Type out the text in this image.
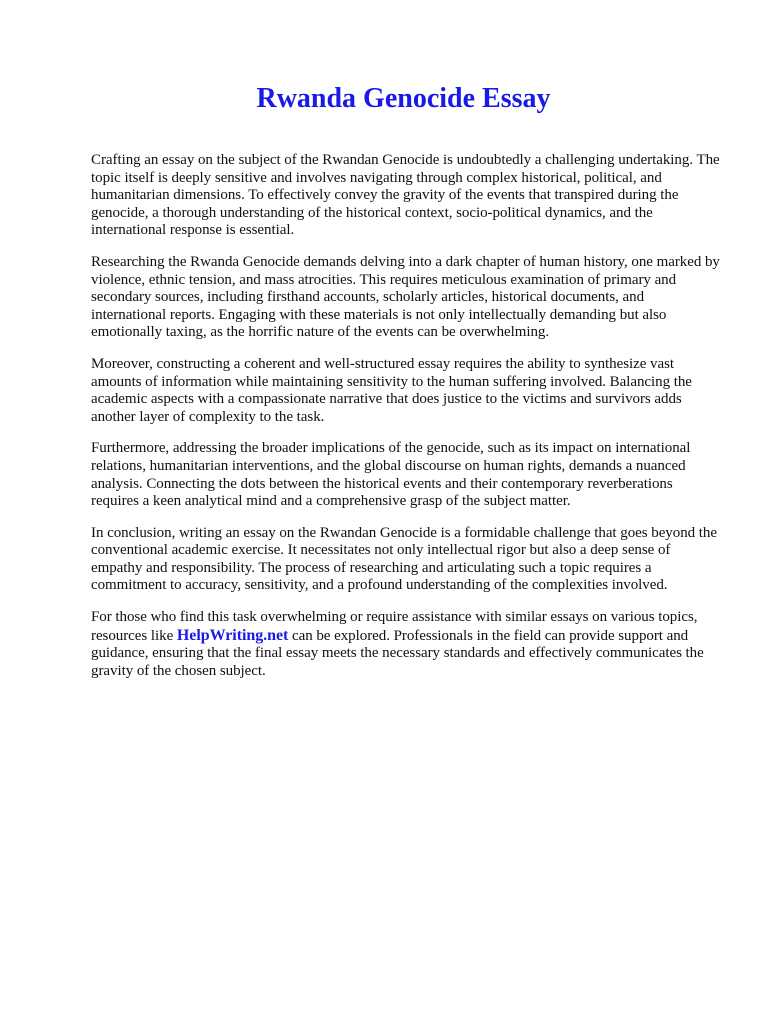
Rwanda Genocide Essay

Crafting an essay on the subject of the Rwandan Genocide is undoubtedly a challenging undertaking. The topic itself is deeply sensitive and involves navigating through complex historical, political, and humanitarian dimensions. To effectively convey the gravity of the events that transpired during the genocide, a thorough understanding of the historical context, socio-political dynamics, and the international response is essential.

Researching the Rwanda Genocide demands delving into a dark chapter of human history, one marked by violence, ethnic tension, and mass atrocities. This requires meticulous examination of primary and secondary sources, including firsthand accounts, scholarly articles, historical documents, and international reports. Engaging with these materials is not only intellectually demanding but also emotionally taxing, as the horrific nature of the events can be overwhelming.

Moreover, constructing a coherent and well-structured essay requires the ability to synthesize vast amounts of information while maintaining sensitivity to the human suffering involved. Balancing the academic aspects with a compassionate narrative that does justice to the victims and survivors adds another layer of complexity to the task.

Furthermore, addressing the broader implications of the genocide, such as its impact on international relations, humanitarian interventions, and the global discourse on human rights, demands a nuanced analysis. Connecting the dots between the historical events and their contemporary reverberations requires a keen analytical mind and a comprehensive grasp of the subject matter.

In conclusion, writing an essay on the Rwandan Genocide is a formidable challenge that goes beyond the conventional academic exercise. It necessitates not only intellectual rigor but also a deep sense of empathy and responsibility. The process of researching and articulating such a topic requires a commitment to accuracy, sensitivity, and a profound understanding of the complexities involved.

For those who find this task overwhelming or require assistance with similar essays on various topics, resources like HelpWriting.net can be explored. Professionals in the field can provide support and guidance, ensuring that the final essay meets the necessary standards and effectively communicates the gravity of the chosen subject.
